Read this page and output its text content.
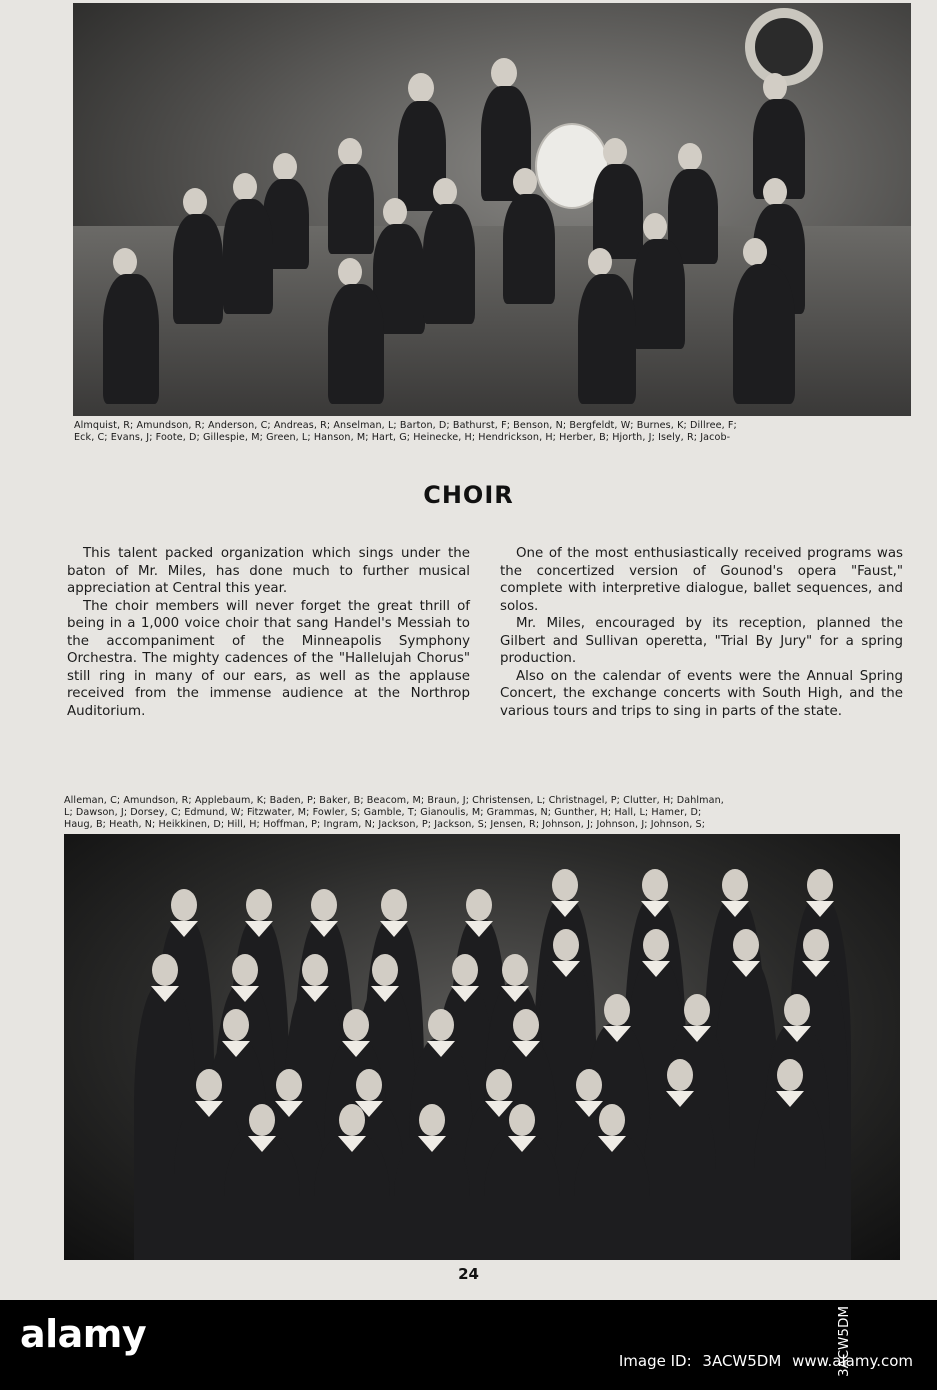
Almquist, R; Amundson, R; Anderson, C; Andreas, R; Anselman, L; Barton, D; Bathurst, F; Benson, N; Bergfeldt, W; Burnes, K; Dillree, F;
Eck, C; Evans, J; Foote, D; Gillespie, M; Green, L; Hanson, M; Hart, G; Heinecke, H; Hendrickson, H; Herber, B; Hjorth, J; Isely, R; Jacob-
CHOIR

This talent packed organization which sings under the baton of Mr. Miles, has done much to further musical appreciation at Central this year.

The choir members will never forget the great thrill of being in a 1,000 voice choir that sang Handel's Messiah to the accompaniment of the Minneapolis Symphony Orchestra. The mighty cadences of the "Hallelujah Chorus" still ring in many of our ears, as well as the applause received from the immense audience at the Northrop Auditorium.

One of the most enthusiastically received programs was the concertized version of Gounod's opera "Faust," complete with interpretive dialogue, ballet sequences, and solos.

Mr. Miles, encouraged by its reception, planned the Gilbert and Sullivan operetta, "Trial By Jury" for a spring production.

Also on the calendar of events were the Annual Spring Concert, the exchange concerts with South High, and the various tours and trips to sing in parts of the state.

Alleman, C; Amundson, R; Applebaum, K; Baden, P; Baker, B; Beacom, M; Braun, J; Christensen, L; Christnagel, P; Clutter, H; Dahlman,
L; Dawson, J; Dorsey, C; Edmund, W; Fitzwater, M; Fowler, S; Gamble, T; Gianoulis, M; Grammas, N; Gunther, H; Hall, L; Hamer, D;
Haug, B; Heath, N; Heikkinen, D; Hill, H; Hoffman, P; Ingram, N; Jackson, P; Jackson, S; Jensen, R; Johnson, J; Johnson, J; Johnson, S;

24

alamy	3ACW5DM

Image ID: 3ACW5DM www.alamy.com
